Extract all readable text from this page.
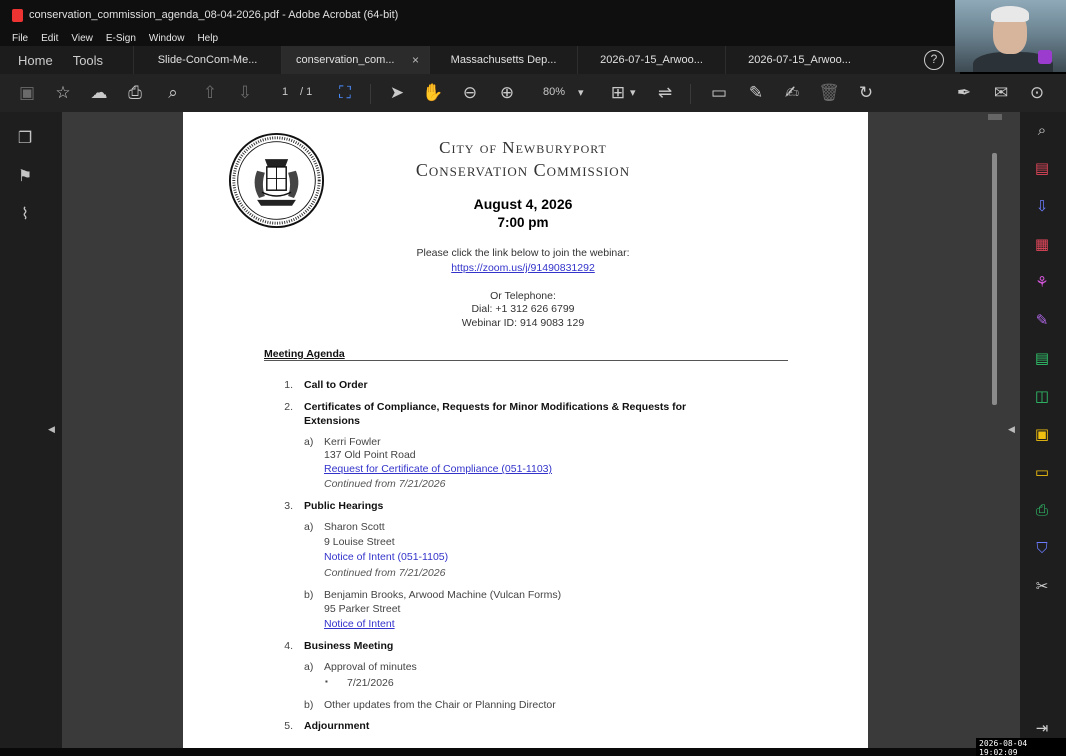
conservation_commission_agenda_08-04-2026.pdf - Adobe Acrobat (64-bit)
File Edit View E-Sign Window Help
Home	Tools	Slide-ConCom-Me...	conservation_com... ×	Massachusetts Dep...	2026-07-15_Arwoo...	2026-07-15_Arwoo...	?
▣ ☆ ☁ ⎙	⌕	⇧ ⇩	1 / 1 ⛶ ➤ ✋ ⊖ ⊕	80% ▾ ⊞ ▾ ⇌ ▭ ✎ ✍ 🗑 ↻	✒ ✉ ⊙
❐
⚑
⌇
◀	◀
⌕
▤
⇩
▦
⚘
✎
▤
◫
▣
▭
⎙
⛉
✂
⇥
City of Newburyport
Conservation Commission
August 4, 2026
7:00 pm
Please click the link below to join the webinar:
https://zoom.us/j/91490831292
Or Telephone:
Dial: +1 312 626 6799
Webinar ID: 914 9083 129
Meeting Agenda
1. Call to Order
2. Certificates of Compliance, Requests for Minor Modifications & Requests for
Extensions
a) Kerri Fowler
137 Old Point Road
Request for Certificate of Compliance (051-1103)
Continued from 7/21/2026
3. Public Hearings
a) Sharon Scott
9 Louise Street
Notice of Intent (051-1105)
Continued from 7/21/2026
b) Benjamin Brooks, Arwood Machine (Vulcan Forms)
95 Parker Street
Notice of Intent
4. Business Meeting
a) Approval of minutes
▪ 7/21/2026
b) Other updates from the Chair or Planning Director
5. Adjournment
2026-08-04 19:02:09
